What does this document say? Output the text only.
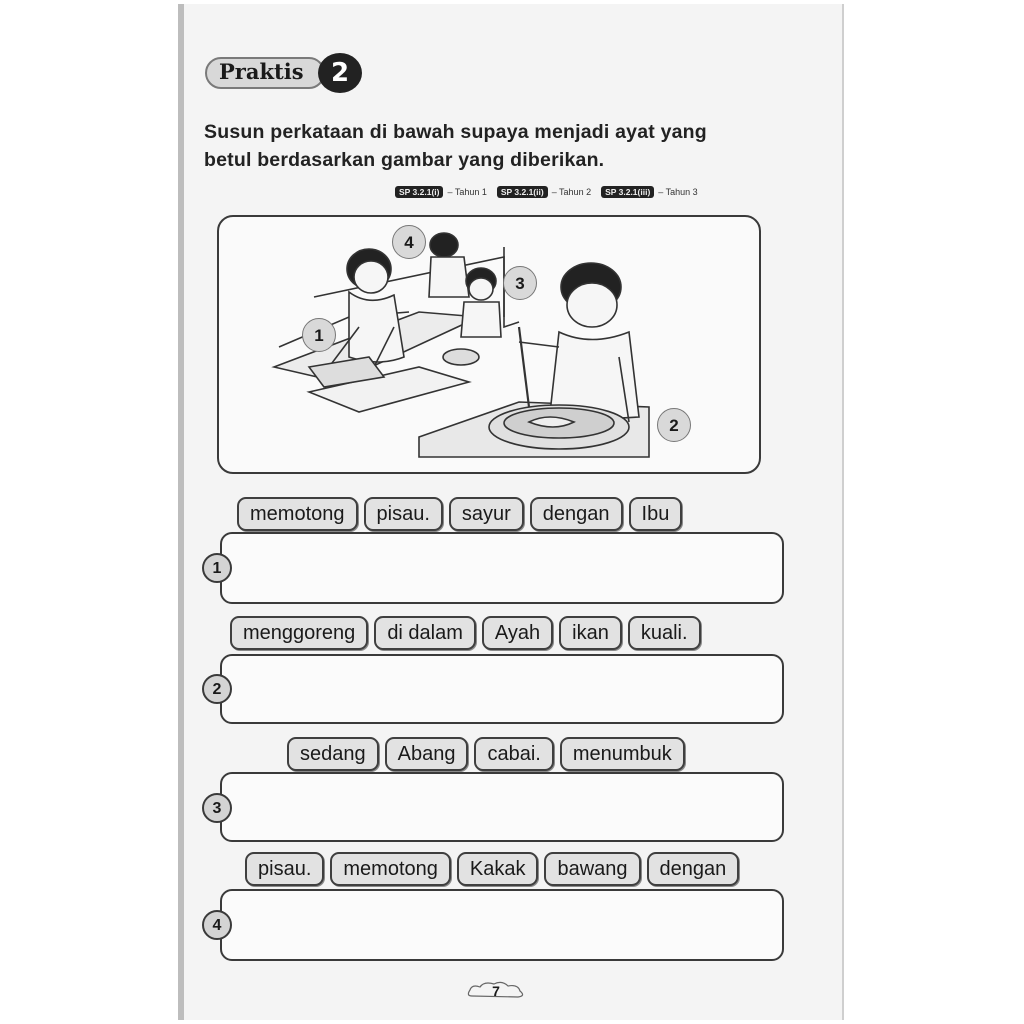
Praktis	2
Susun perkataan di bawah supaya menjadi ayat yang
betul berdasarkan gambar yang diberikan.
SP 3.2.1(i) – Tahun 1	SP 3.2.1(ii) – Tahun 2	SP 3.2.1(iii) – Tahun 3
4
3
1
2
memotong	pisau.	sayur	dengan	Ibu
1
menggoreng	di dalam	Ayah	ikan	kuali.
2
sedang	Abang	cabai.	menumbuk
3
pisau.	memotong	Kakak	bawang	dengan
4
7
